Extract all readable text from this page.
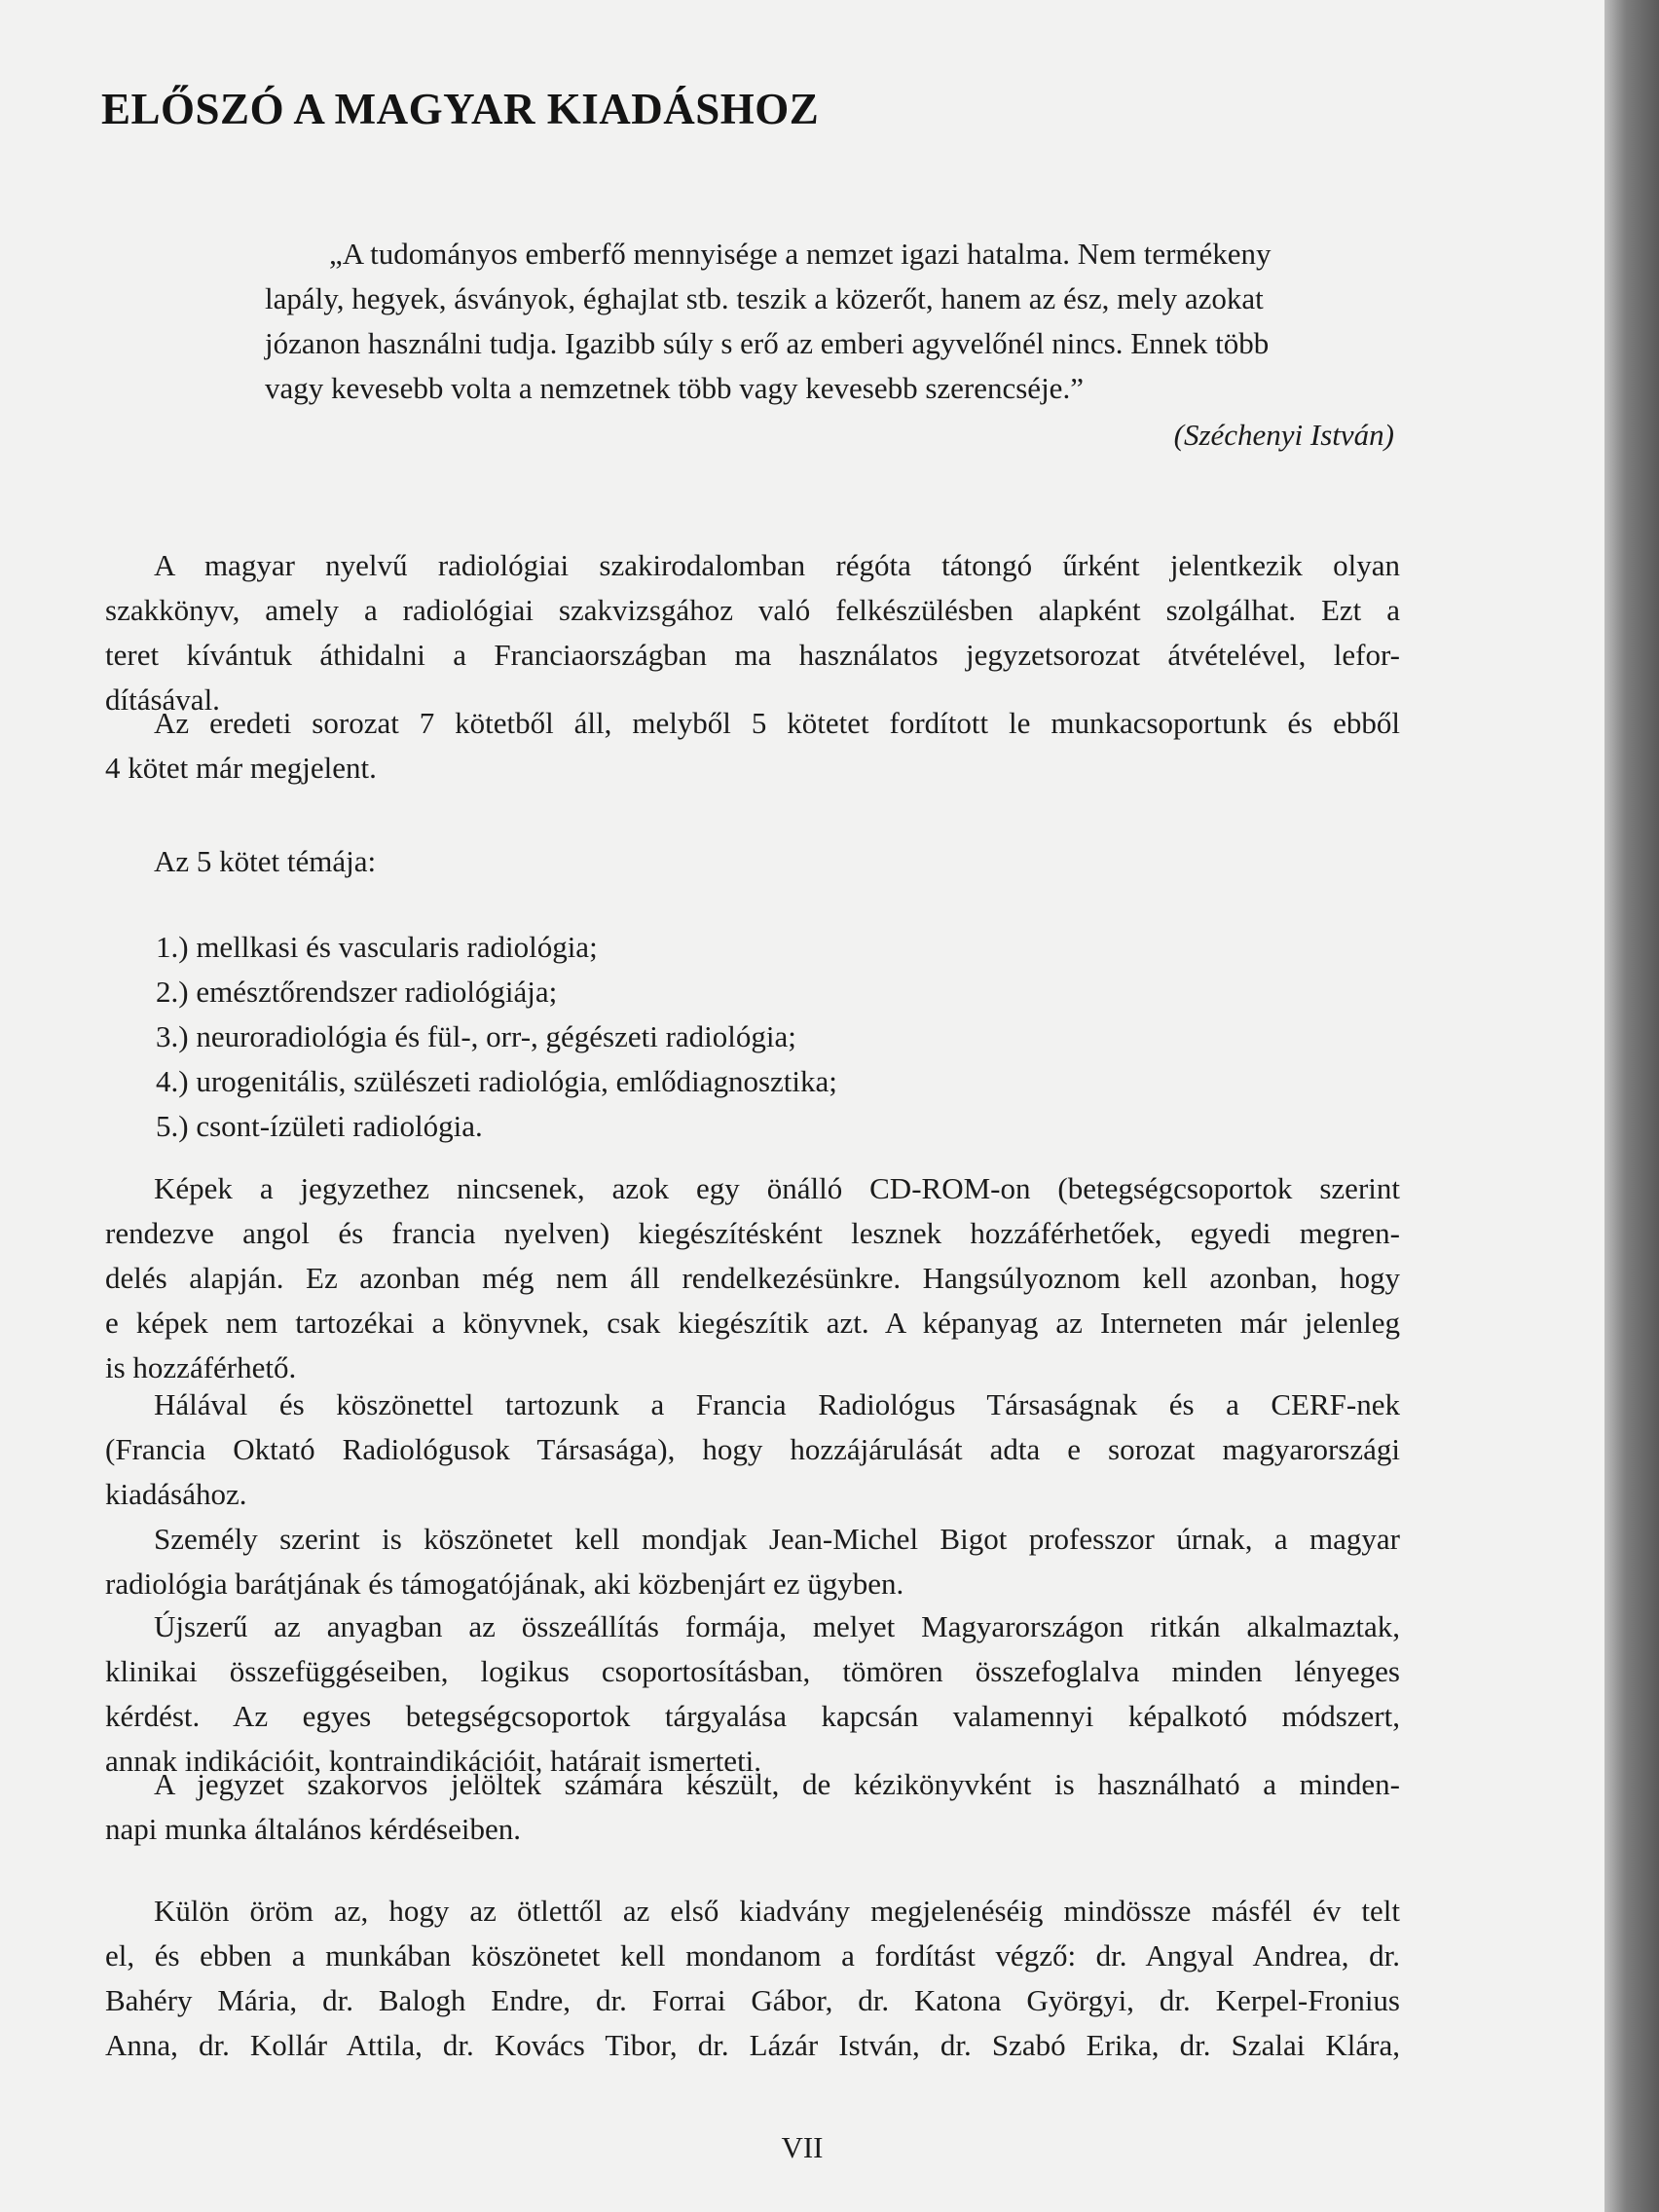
ELŐSZÓ A MAGYAR KIADÁSHOZ
„A tudományos emberfő mennyisége a nemzet igazi hatalma. Nem termékeny
lapály, hegyek, ásványok, éghajlat stb. teszik a közerőt, hanem az ész, mely azokat
józanon használni tudja. Igazibb súly s erő az emberi agyvelőnél nincs. Ennek több
vagy kevesebb volta a nemzetnek több vagy kevesebb szerencséje.”
(Széchenyi István)
A magyar nyelvű radiológiai szakirodalomban régóta tátongó űrként jelentkezik olyan
szakkönyv, amely a radiológiai szakvizsgához való felkészülésben alapként szolgálhat. Ezt a
teret kívántuk áthidalni a Franciaországban ma használatos jegyzetsorozat átvételével, lefor-
dításával.
Az eredeti sorozat 7 kötetből áll, melyből 5 kötetet fordított le munkacsoportunk és ebből
4 kötet már megjelent.
Az 5 kötet témája:
1.) mellkasi és vascularis radiológia;
2.) emésztőrendszer radiológiája;
3.) neuroradiológia és fül-, orr-, gégészeti radiológia;
4.) urogenitális, szülészeti radiológia, emlődiagnosztika;
5.) csont-ízületi radiológia.
Képek a jegyzethez nincsenek, azok egy önálló CD-ROM-on (betegségcsoportok szerint
rendezve angol és francia nyelven) kiegészítésként lesznek hozzáférhetőek, egyedi megren-
delés alapján. Ez azonban még nem áll rendelkezésünkre. Hangsúlyoznom kell azonban, hogy
e képek nem tartozékai a könyvnek, csak kiegészítik azt. A képanyag az Interneten már jelenleg
is hozzáférhető.
Hálával és köszönettel tartozunk a Francia Radiológus Társaságnak és a CERF-nek
(Francia Oktató Radiológusok Társasága), hogy hozzájárulását adta e sorozat magyarországi
kiadásához.
Személy szerint is köszönetet kell mondjak Jean-Michel Bigot professzor úrnak, a magyar
radiológia barátjának és támogatójának, aki közbenjárt ez ügyben.
Újszerű az anyagban az összeállítás formája, melyet Magyarországon ritkán alkalmaztak,
klinikai összefüggéseiben, logikus csoportosításban, tömören összefoglalva minden lényeges
kérdést. Az egyes betegségcsoportok tárgyalása kapcsán valamennyi képalkotó módszert,
annak indikációit, kontraindikációit, határait ismerteti.
A jegyzet szakorvos jelöltek számára készült, de kézikönyvként is használható a minden-
napi munka általános kérdéseiben.
Külön öröm az, hogy az ötlettől az első kiadvány megjelenéséig mindössze másfél év telt
el, és ebben a munkában köszönetet kell mondanom a fordítást végző: dr. Angyal Andrea, dr.
Bahéry Mária, dr. Balogh Endre, dr. Forrai Gábor, dr. Katona Györgyi, dr. Kerpel-Fronius
Anna, dr. Kollár Attila, dr. Kovács Tibor, dr. Lázár István, dr. Szabó Erika, dr. Szalai Klára,
VII
